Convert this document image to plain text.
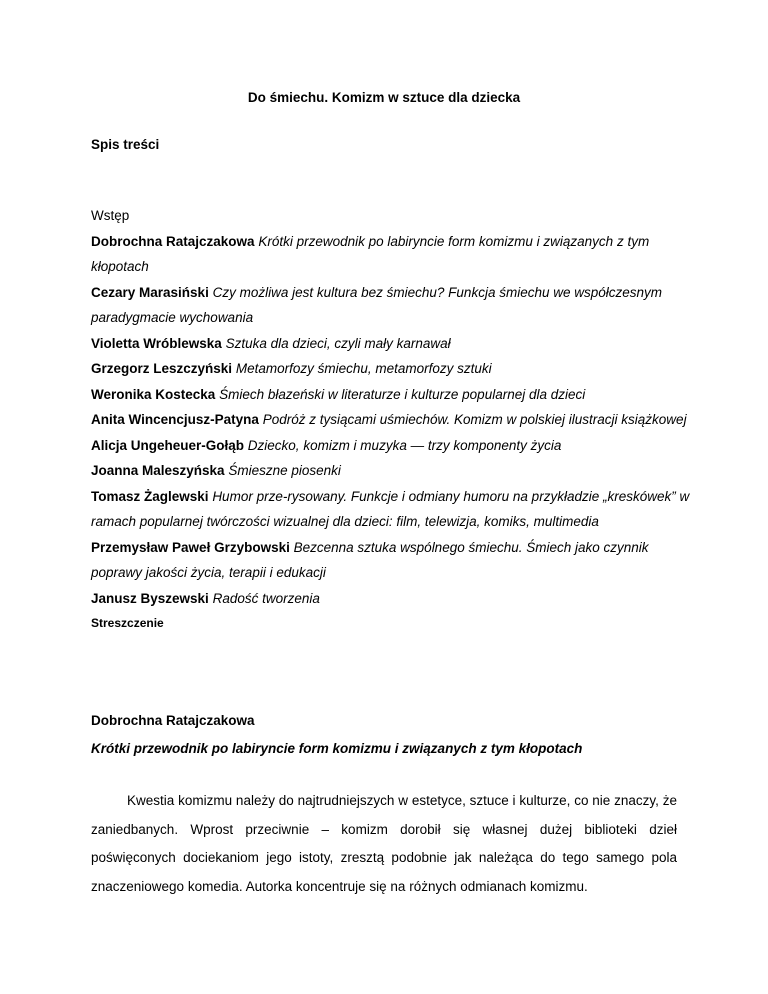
Do śmiechu. Komizm w sztuce dla dziecka
Spis treści
Wstęp
Dobrochna Ratajczakowa Krótki przewodnik po labiryncie form komizmu i związanych z tym kłopotach
Cezary Marasiński Czy możliwa jest kultura bez śmiechu? Funkcja śmiechu we współczesnym paradygmacie wychowania
Violetta Wróblewska Sztuka dla dzieci, czyli mały karnawał
Grzegorz Leszczyński Metamorfozy śmiechu, metamorfozy sztuki
Weronika Kostecka Śmiech błazeński w literaturze i kulturze popularnej dla dzieci
Anita Wincencjusz-Patyna Podróż z tysiącami uśmiechów. Komizm w polskiej ilustracji książkowej
Alicja Ungeheuer-Gołąb Dziecko, komizm i muzyka — trzy komponenty życia
Joanna Maleszyńska Śmieszne piosenki
Tomasz Żaglewski Humor prze-rysowany. Funkcje i odmiany humoru na przykładzie „kreskówek” w ramach popularnej twórczości wizualnej dla dzieci: film, telewizja, komiks, multimedia
Przemysław Paweł Grzybowski Bezcenna sztuka wspólnego śmiechu. Śmiech jako czynnik poprawy jakości życia, terapii i edukacji
Janusz Byszewski Radość tworzenia
Streszczenie
Dobrochna Ratajczakowa
Krótki przewodnik po labiryncie form komizmu i związanych z tym kłopotach
Kwestia komizmu należy do najtrudniejszych w estetyce, sztuce i kulturze, co nie znaczy, że zaniedbanych. Wprost przeciwnie – komizm dorobił się własnej dużej biblioteki dzieł poświęconych dociekaniom jego istoty, zresztą podobnie jak należąca do tego samego pola znaczeniowego komedia. Autorka koncentruje się na różnych odmianach komizmu.
